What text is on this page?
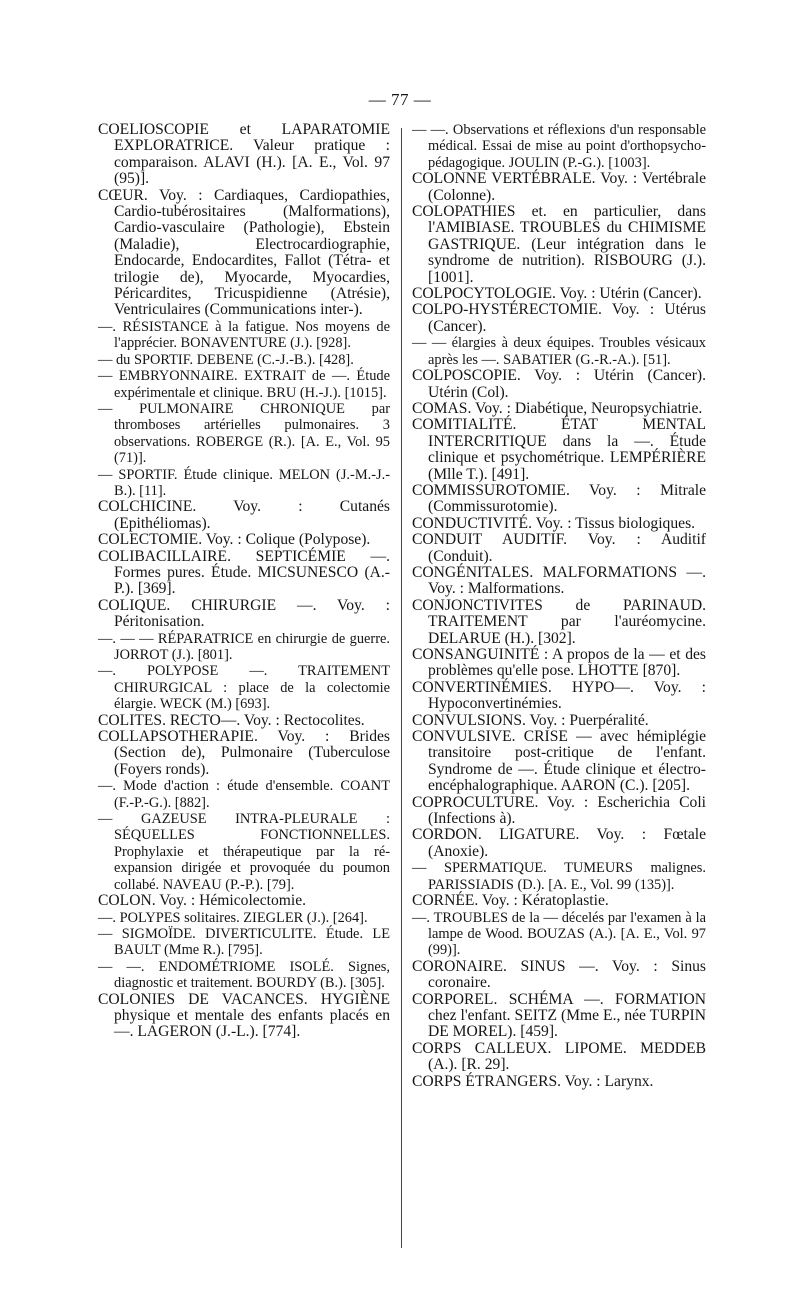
— 77 —

COELIOSCOPIE et LAPARATOMIE EXPLORATRICE. Valeur pratique : comparaison. ALAVI (H.). [A. E., Vol. 97 (95)].

CŒUR. Voy. : Cardiaques, Cardiopathies, Cardio-tubérositaires (Malformations), Cardio-vasculaire (Pathologie), Ebstein (Maladie), Electrocardiographie, Endocarde, Endocardites, Fallot (Tétra- et trilogie de), Myocarde, Myocardies, Péricardites, Tricuspidienne (Atrésie), Ventriculaires (Communications inter-).

—. RÉSISTANCE à la fatigue. Nos moyens de l'apprécier. BONAVENTURE (J.). [928].

— du SPORTIF. DEBENE (C.-J.-B.). [428].

— EMBRYONNAIRE. EXTRAIT de —. Étude expérimentale et clinique. BRU (H.-J.). [1015].

— PULMONAIRE CHRONIQUE par thromboses artérielles pulmonaires. 3 observations. ROBERGE (R.). [A. E., Vol. 95 (71)].

— SPORTIF. Étude clinique. MELON (J.-M.-J.-B.). [11].

COLCHICINE. Voy. : Cutanés (Epithéliomas).

COLECTOMIE. Voy. : Colique (Polypose).

COLIBACILLAIRE. SEPTICÉMIE —. Formes pures. Étude. MICSUNESCO (A.-P.). [369].

COLIQUE. CHIRURGIE —. Voy. : Péritonisation.

—. — — RÉPARATRICE en chirurgie de guerre. JORROT (J.). [801].

—. POLYPOSE —. TRAITEMENT CHIRURGICAL : place de la colectomie élargie. WECK (M.) [693].

COLITES. RECTO—. Voy. : Rectocolites.

COLLAPSOTHERAPIE. Voy. : Brides (Section de), Pulmonaire (Tuberculose (Foyers ronds).

—. Mode d'action : étude d'ensemble. COANT (F.-P.-G.). [882].

— GAZEUSE INTRA-PLEURALE : SÉQUELLES FONCTIONNELLES. Prophylaxie et thérapeutique par la ré-expansion dirigée et provoquée du poumon collabé. NAVEAU (P.-P.). [79].

COLON. Voy. : Hémicolectomie.

—. POLYPES solitaires. ZIEGLER (J.). [264].

— SIGMOÏDE. DIVERTICULITE. Étude. LE BAULT (Mme R.). [795].

— —. ENDOMÉTRIOME ISOLÉ. Signes, diagnostic et traitement. BOURDY (B.). [305].

COLONIES DE VACANCES. HYGIÈNE physique et mentale des enfants placés en —. LAGERON (J.-L.). [774].

— —. Observations et réflexions d'un responsable médical. Essai de mise au point d'orthopsycho-pédagogique. JOULIN (P.-G.). [1003].

COLONNE VERTÉBRALE. Voy. : Vertébrale (Colonne).

COLOPATHIES et. en particulier, dans l'AMIBIASE. TROUBLES du CHIMISME GASTRIQUE. (Leur intégration dans le syndrome de nutrition). RISBOURG (J.). [1001].

COLPOCYTOLOGIE. Voy. : Utérin (Cancer).

COLPO-HYSTÉRECTOMIE. Voy. : Utérus (Cancer).

— — élargies à deux équipes. Troubles vésicaux après les —. SABATIER (G.-R.-A.). [51].

COLPOSCOPIE. Voy. : Utérin (Cancer). Utérin (Col).

COMAS. Voy. : Diabétique, Neuropsychiatrie.

COMITIALITÉ. ÉTAT MENTAL INTERCRITIQUE dans la —. Étude clinique et psychométrique. LEMPÉRIÈRE (Mlle T.). [491].

COMMISSUROTOMIE. Voy. : Mitrale (Commissurotomie).

CONDUCTIVITÉ. Voy. : Tissus biologiques.

CONDUIT AUDITIF. Voy. : Auditif (Conduit).

CONGÉNITALES. MALFORMATIONS —. Voy. : Malformations.

CONJONCTIVITES de PARINAUD. TRAITEMENT par l'auréomycine. DELARUE (H.). [302].

CONSANGUINITÉ : A propos de la — et des problèmes qu'elle pose. LHOTTE [870].

CONVERTINÉMIES. HYPO—. Voy. : Hypoconvertinémies.

CONVULSIONS. Voy. : Puerpéralité.

CONVULSIVE. CRISE — avec hémiplégie transitoire post-critique de l'enfant. Syndrome de —. Étude clinique et électro-encéphalographique. AARON (C.). [205].

COPROCULTURE. Voy. : Escherichia Coli (Infections à).

CORDON. LIGATURE. Voy. : Fœtale (Anoxie).

— SPERMATIQUE. TUMEURS malignes. PARISSIADIS (D.). [A. E., Vol. 99 (135)].

CORNÉE. Voy. : Kératoplastie.

—. TROUBLES de la — décelés par l'examen à la lampe de Wood. BOUZAS (A.). [A. E., Vol. 97 (99)].

CORONAIRE. SINUS —. Voy. : Sinus coronaire.

CORPOREL. SCHÉMA —. FORMATION chez l'enfant. SEITZ (Mme E., née TURPIN DE MOREL). [459].

CORPS CALLEUX. LIPOME. MEDDEB (A.). [R. 29].

CORPS ÉTRANGERS. Voy. : Larynx.
